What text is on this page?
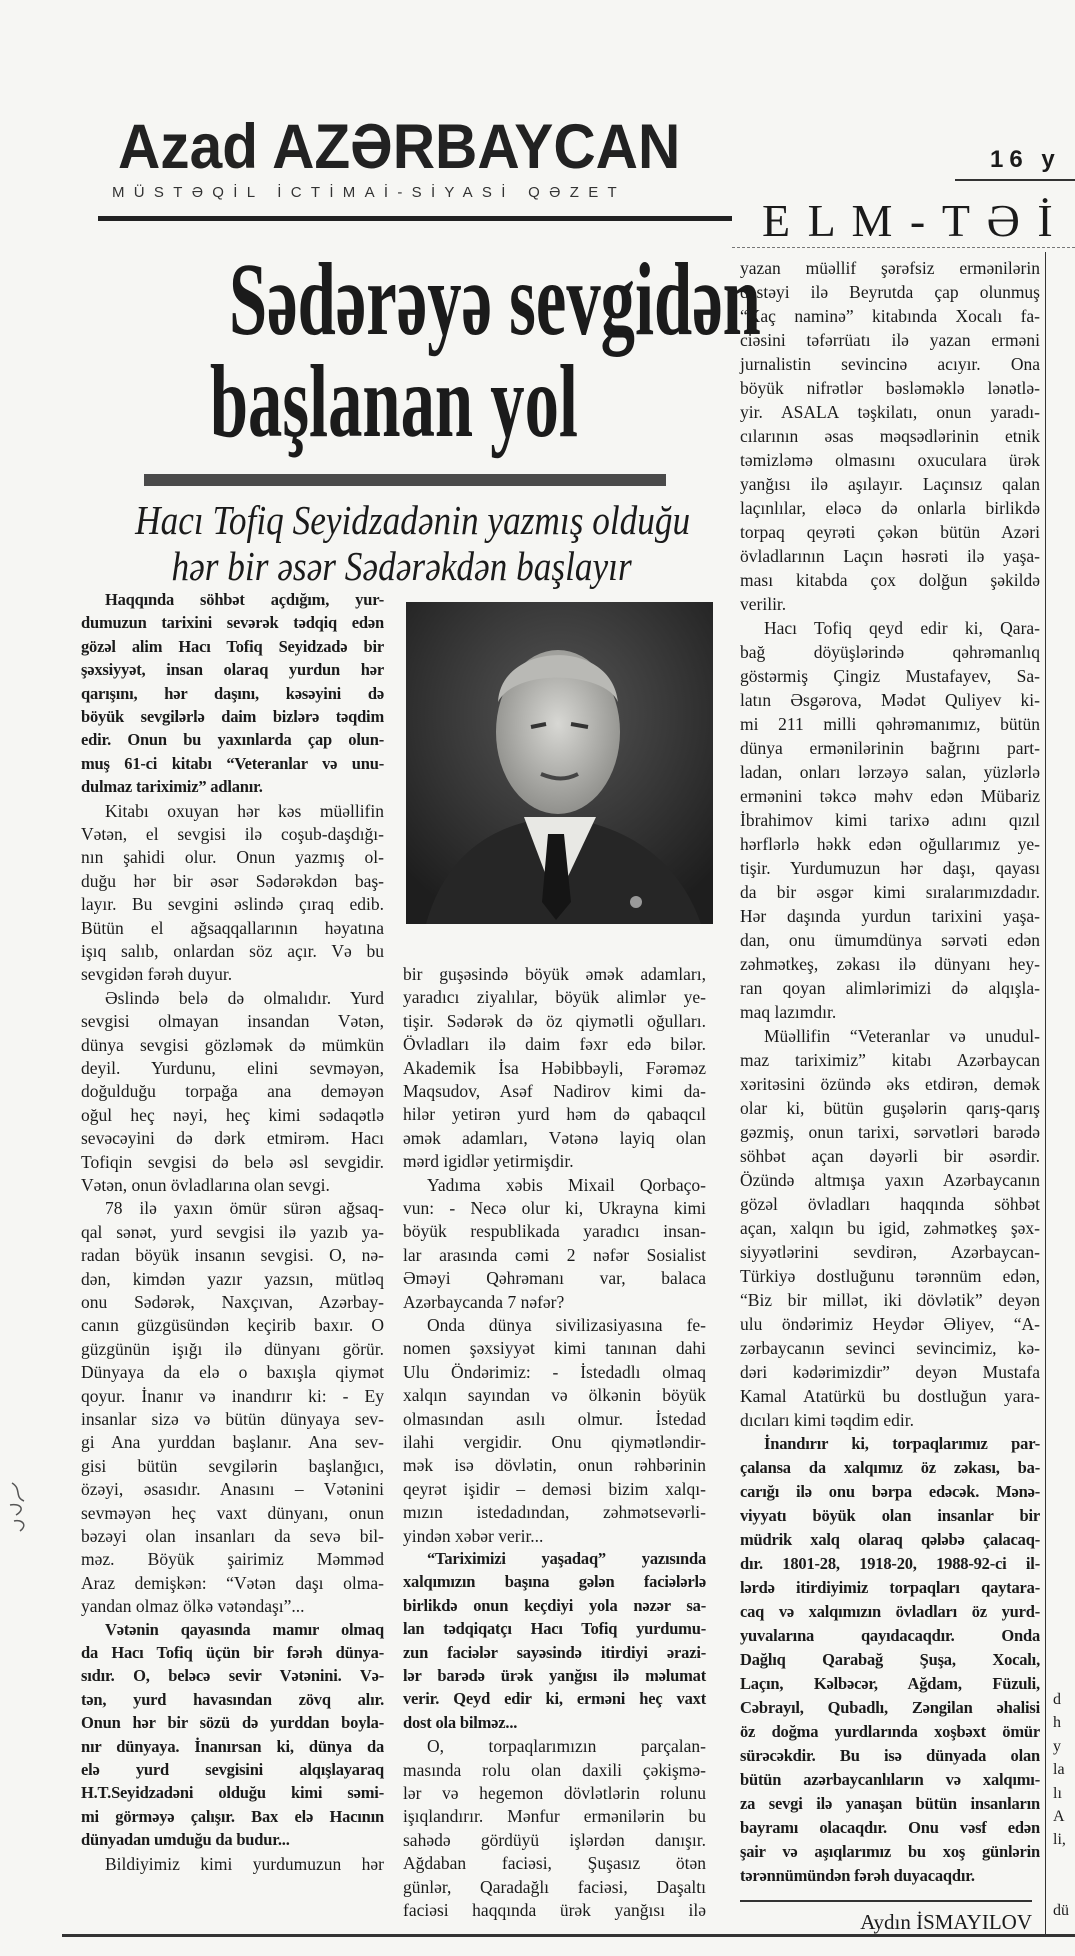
Azad AZƏRBAYCAN
MÜSTƏQİL İCTİMAİ-SİYASİ QƏZET
16 y
E L M - T Ə İ
Sədərəyə sevgidən
başlanan yol
Hacı Tofiq Seyidzadənin yazmış olduğu
hər bir əsər Sədərəkdən başlayır
Haqqında söhbət açdığım, yur-
dumuzun tarixini sevərək tədqiq edən
gözəl alim Hacı Tofiq Seyidzadə bir
şəxsiyyət, insan olaraq yurdun hər
qarışını, hər daşını, kəsəyini də
böyük sevgilərlə daim bizlərə təqdim
edir. Onun bu yaxınlarda çap olun-
muş 61-ci kitabı “Veteranlar və unu-
dulmaz tariximiz” adlanır.
Kitabı oxuyan hər kəs müəllifin
Vətən, el sevgisi ilə coşub-daşdığı-
nın şahidi olur. Onun yazmış ol-
duğu hər bir əsər Sədərəkdən baş-
layır. Bu sevgini əslində çıraq edib.
Bütün el ağsaqqallarının həyatına
işıq salıb, onlardan söz açır. Və bu
sevgidən fərəh duyur.
Əslində belə də olmalıdır. Yurd
sevgisi olmayan insandan Vətən,
dünya sevgisi gözləmək də mümkün
deyil. Yurdunu, elini sevməyən,
doğulduğu torpağa ana deməyən
oğul heç nəyi, heç kimi sədaqətlə
sevəcəyini də dərk etmirəm. Hacı
Tofiqin sevgisi də belə əsl sevgidir.
Vətən, onun övladlarına olan sevgi.
78 ilə yaxın ömür sürən ağsaq-
qal sənət, yurd sevgisi ilə yazıb ya-
radan böyük insanın sevgisi. O, nə-
dən, kimdən yazır yazsın, mütləq
onu Sədərək, Naxçıvan, Azərbay-
canın güzgüsündən keçirib baxır. O
güzgünün işığı ilə dünyanı görür.
Dünyaya da elə o baxışla qiymət
qoyur. İnanır və inandırır ki: - Ey
insanlar sizə və bütün dünyaya sev-
gi Ana yurddan başlanır. Ana sev-
gisi bütün sevgilərin başlanğıcı,
özəyi, əsasıdır. Anasını – Vətənini
sevməyən heç vaxt dünyanı, onun
bəzəyi olan insanları da sevə bil-
məz. Böyük şairimiz Məmməd
Araz demişkən: “Vətən daşı olma-
yandan olmaz ölkə vətəndaşı”...
Vətənin qayasında mamır olmaq
da Hacı Tofiq üçün bir fərəh dünya-
sıdır. O, beləcə sevir Vətənini. Və-
tən, yurd havasından zövq alır.
Onun hər bir sözü də yurddan boyla-
nır dünyaya. İnanırsan ki, dünya da
elə yurd sevgisini alqışlayaraq
H.T.Seyidzadəni olduğu kimi səmi-
mi görməyə çalışır. Bax elə Hacının
dünyadan umduğu da budur...
Bildiyimiz kimi yurdumuzun hər
bir guşəsində böyük əmək adamları,
yaradıcı ziyalılar, böyük alimlər ye-
tişir. Sədərək də öz qiymətli oğulları.
Övladları ilə daim fəxr edə bilər.
Akademik İsa Həbibbəyli, Fərəməz
Maqsudov, Asəf Nadirov kimi da-
hilər yetirən yurd həm də qabaqcıl
əmək adamları, Vətənə layiq olan
mərd igidlər yetirmişdir.
Yadıma xəbis Mixail Qorbaço-
vun: - Necə olur ki, Ukrayna kimi
böyük respublikada yaradıcı insan-
lar arasında cəmi 2 nəfər Sosialist
Əməyi Qəhrəmanı var, balaca
Azərbaycanda 7 nəfər?
Onda dünya sivilizasiyasına fe-
nomen şəxsiyyət kimi tanınan dahi
Ulu Öndərimiz: - İstedadlı olmaq
xalqın sayından və ölkənin böyük
olmasından asılı olmur. İstedad
ilahi vergidir. Onu qiymətləndir-
mək isə dövlətin, onun rəhbərinin
qeyrət işidir – deməsi bizim xalqı-
mızın istedadından, zəhmətsevərli-
yindən xəbər verir...
“Tariximizi yaşadaq” yazısında
xalqımızın başına gələn faciələrlə
birlikdə onun keçdiyi yola nəzər sa-
lan tədqiqatçı Hacı Tofiq yurdumu-
zun faciələr sayəsində itirdiyi ərazi-
lər barədə ürək yanğısı ilə məlumat
verir. Qeyd edir ki, erməni heç vaxt
dost ola bilməz...
O, torpaqlarımızın parçalan-
masında rolu olan daxili çəkişmə-
lər və hegemon dövlətlərin rolunu
işıqlandırır. Mənfur ermənilərin bu
sahədə gördüyü işlərdən danışır.
Ağdaban faciəsi, Şuşasız ötən
günlər, Qaradağlı faciəsi, Daşaltı
faciəsi haqqında ürək yanğısı ilə
yazan müəllif şərəfsiz ermənilərin
dəstəyi ilə Beyrutda çap olunmuş
“Xaç naminə” kitabında Xocalı fa-
ciəsini təfərrüatı ilə yazan erməni
jurnalistin sevincinə acıyır. Ona
böyük nifrətlər bəsləməklə lənətlə-
yir. ASALA təşkilatı, onun yaradı-
cılarının əsas məqsədlərinin etnik
təmizləmə olmasını oxuculara ürək
yanğısı ilə aşılayır. Laçınsız qalan
laçınlılar, eləcə də onlarla birlikdə
torpaq qeyrəti çəkən bütün Azəri
övladlarının Laçın həsrəti ilə yaşa-
ması kitabda çox dolğun şəkildə
verilir.
Hacı Tofiq qeyd edir ki, Qara-
bağ döyüşlərində qəhrəmanlıq
göstərmiş Çingiz Mustafayev, Sa-
latın Əsgərova, Mədət Quliyev ki-
mi 211 milli qəhrəmanımız, bütün
dünya ermənilərinin bağrını part-
ladan, onları lərzəyə salan, yüzlərlə
ermənini təkcə məhv edən Mübariz
İbrahimov kimi tarixə adını qızıl
hərflərlə həkk edən oğullarımız ye-
tişir. Yurdumuzun hər daşı, qayası
da bir əsgər kimi sıralarımızdadır.
Hər daşında yurdun tarixini yaşa-
dan, onu ümumdünya sərvəti edən
zəhmətkeş, zəkası ilə dünyanı hey-
ran qoyan alimlərimizi də alqışla-
maq lazımdır.
Müəllifin “Veteranlar və unudul-
maz tariximiz” kitabı Azərbaycan
xəritəsini özündə əks etdirən, demək
olar ki, bütün guşələrin qarış-qarış
gəzmiş, onun tarixi, sərvətləri barədə
söhbət açan dəyərli bir əsərdir.
Özündə altmışa yaxın Azərbaycanın
gözəl övladları haqqında söhbət
açan, xalqın bu igid, zəhmətkeş şəx-
siyyətlərini sevdirən, Azərbaycan-
Türkiyə dostluğunu tərənnüm edən,
“Biz bir millət, iki dövlətik” deyən
ulu öndərimiz Heydər Əliyev, “A-
zərbaycanın sevinci sevincimiz, kə-
dəri kədərimizdir” deyən Mustafa
Kamal Atatürkü bu dostluğun yara-
dıcıları kimi təqdim edir.
İnandırır ki, torpaqlarımız par-
çalansa da xalqımız öz zəkası, ba-
carığı ilə onu bərpa edəcək. Mənə-
viyyatı böyük olan insanlar bir
müdrik xalq olaraq qələbə çalacaq-
dır. 1801-28, 1918-20, 1988-92-ci il-
lərdə itirdiyimiz torpaqları qaytara-
caq və xalqımızın övladları öz yurd-
yuvalarına qayıdacaqdır. Onda
Dağlıq Qarabağ Şuşa, Xocalı,
Laçın, Kəlbəcər, Ağdam, Füzuli,
Cəbrayıl, Qubadlı, Zəngilan əhalisi
öz doğma yurdlarında xoşbəxt ömür
sürəcəkdir. Bu isə dünyada olan
bütün azərbaycanlıların və xalqımı-
za sevgi ilə yanaşan bütün insanların
bayramı olacaqdır. Onu vəsf edən
şair və aşıqlarımız bu xoş günlərin
tərənnümündən fərəh duyacaqdır.
d
h
y
la
lı
A
li,
dü
Aydın İSMAYILOV
